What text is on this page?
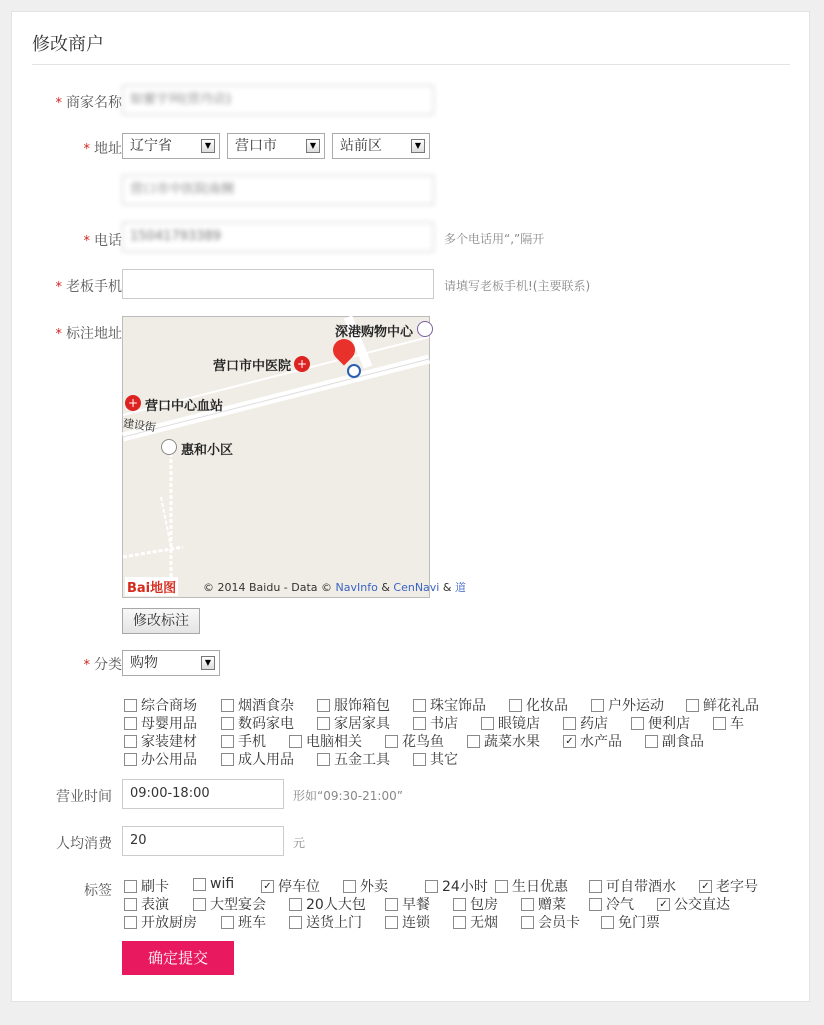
修改商户
* 商家名称 如蜜宇珂(营丹店)
* 地址 辽宁省	▼	营口市	▼	站前区	▼
营口市中医院南侧
* 电话 15041793389	多个电话用“,”隔开
* 老板手机	请填写老板手机!(主要联系)
* 标注地址	深港购物中心
营口市中医院 +
+ 营口中心血站
建设街
惠和小区
Bai地图 © 2014 Baidu - Data © NavInfo & CenNavi & 道
修改标注
* 分类 购物	▼
综合商场	烟酒食杂	服饰箱包	珠宝饰品	化妆品	户外运动	鲜花礼品
母婴用品	数码家电	家居家具	书店	眼镜店	药店	便利店	车
家装建材	手机	电脑相关	花鸟鱼	蔬菜水果	✓ 水产品	副食品
办公用品	成人用品	五金工具	其它
营业时间	09:00-18:00	形如“09:30-21:00”
人均消费	20	元
标签 刷卡	wifi	✓ 停车位	外卖	24小时 生日优惠	可自带酒水	✓ 老字号
表演	大型宴会	20人大包	早餐	包房	赠菜	冷气	✓ 公交直达
开放厨房	班车	送货上门	连锁	无烟	会员卡	免门票
确定提交
